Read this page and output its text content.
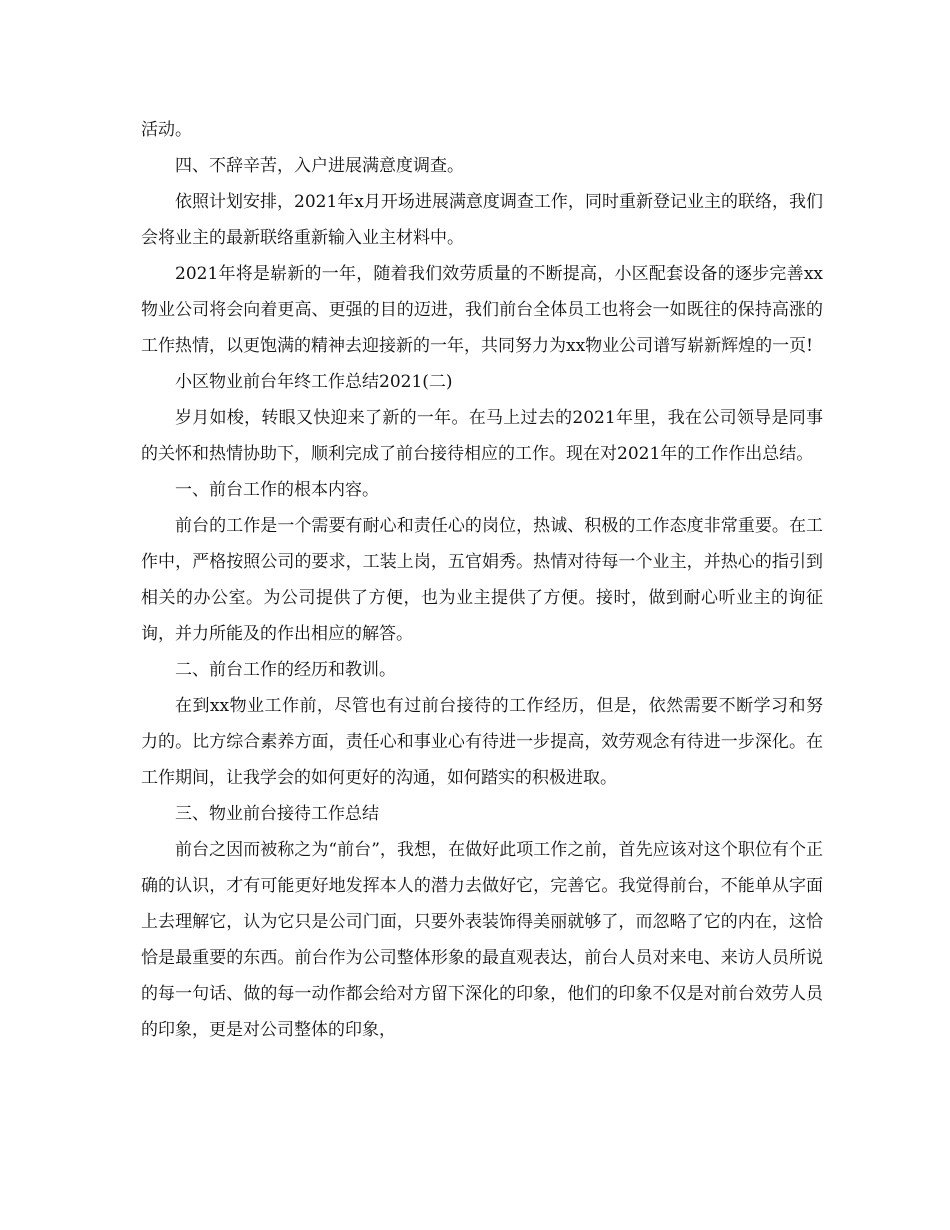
活动。

四、不辞辛苦，入户进展满意度调查。

依照计划安排，2021年x月开场进展满意度调查工作，同时重新登记业主的联络，我们会将业主的最新联络重新输入业主材料中。

2021年将是崭新的一年，随着我们效劳质量的不断提高，小区配套设备的逐步完善xx物业公司将会向着更高、更强的目的迈进，我们前台全体员工也将会一如既往的保持高涨的工作热情，以更饱满的精神去迎接新的一年，共同努力为xx物业公司谱写崭新辉煌的一页!

小区物业前台年终工作总结2021(二)

岁月如梭，转眼又快迎来了新的一年。在马上过去的2021年里，我在公司领导是同事的关怀和热情协助下，顺利完成了前台接待相应的工作。现在对2021年的工作作出总结。

一、前台工作的根本内容。

前台的工作是一个需要有耐心和责任心的岗位，热诚、积极的工作态度非常重要。在工作中，严格按照公司的要求，工装上岗，五官娟秀。热情对待每一个业主，并热心的指引到相关的办公室。为公司提供了方便，也为业主提供了方便。接时，做到耐心听业主的询征询，并力所能及的作出相应的解答。

二、前台工作的经历和教训。

在到xx物业工作前，尽管也有过前台接待的工作经历，但是，依然需要不断学习和努力的。比方综合素养方面，责任心和事业心有待进一步提高，效劳观念有待进一步深化。在工作期间，让我学会的如何更好的沟通，如何踏实的积极进取。

三、物业前台接待工作总结

前台之因而被称之为“前台”，我想，在做好此项工作之前，首先应该对这个职位有个正确的认识，才有可能更好地发挥本人的潜力去做好它，完善它。我觉得前台，不能单从字面上去理解它，认为它只是公司门面，只要外表装饰得美丽就够了，而忽略了它的内在，这恰恰是最重要的东西。前台作为公司整体形象的最直观表达，前台人员对来电、来访人员所说的每一句话、做的每一动作都会给对方留下深化的印象，他们的印象不仅是对前台效劳人员的印象，更是对公司整体的印象，
